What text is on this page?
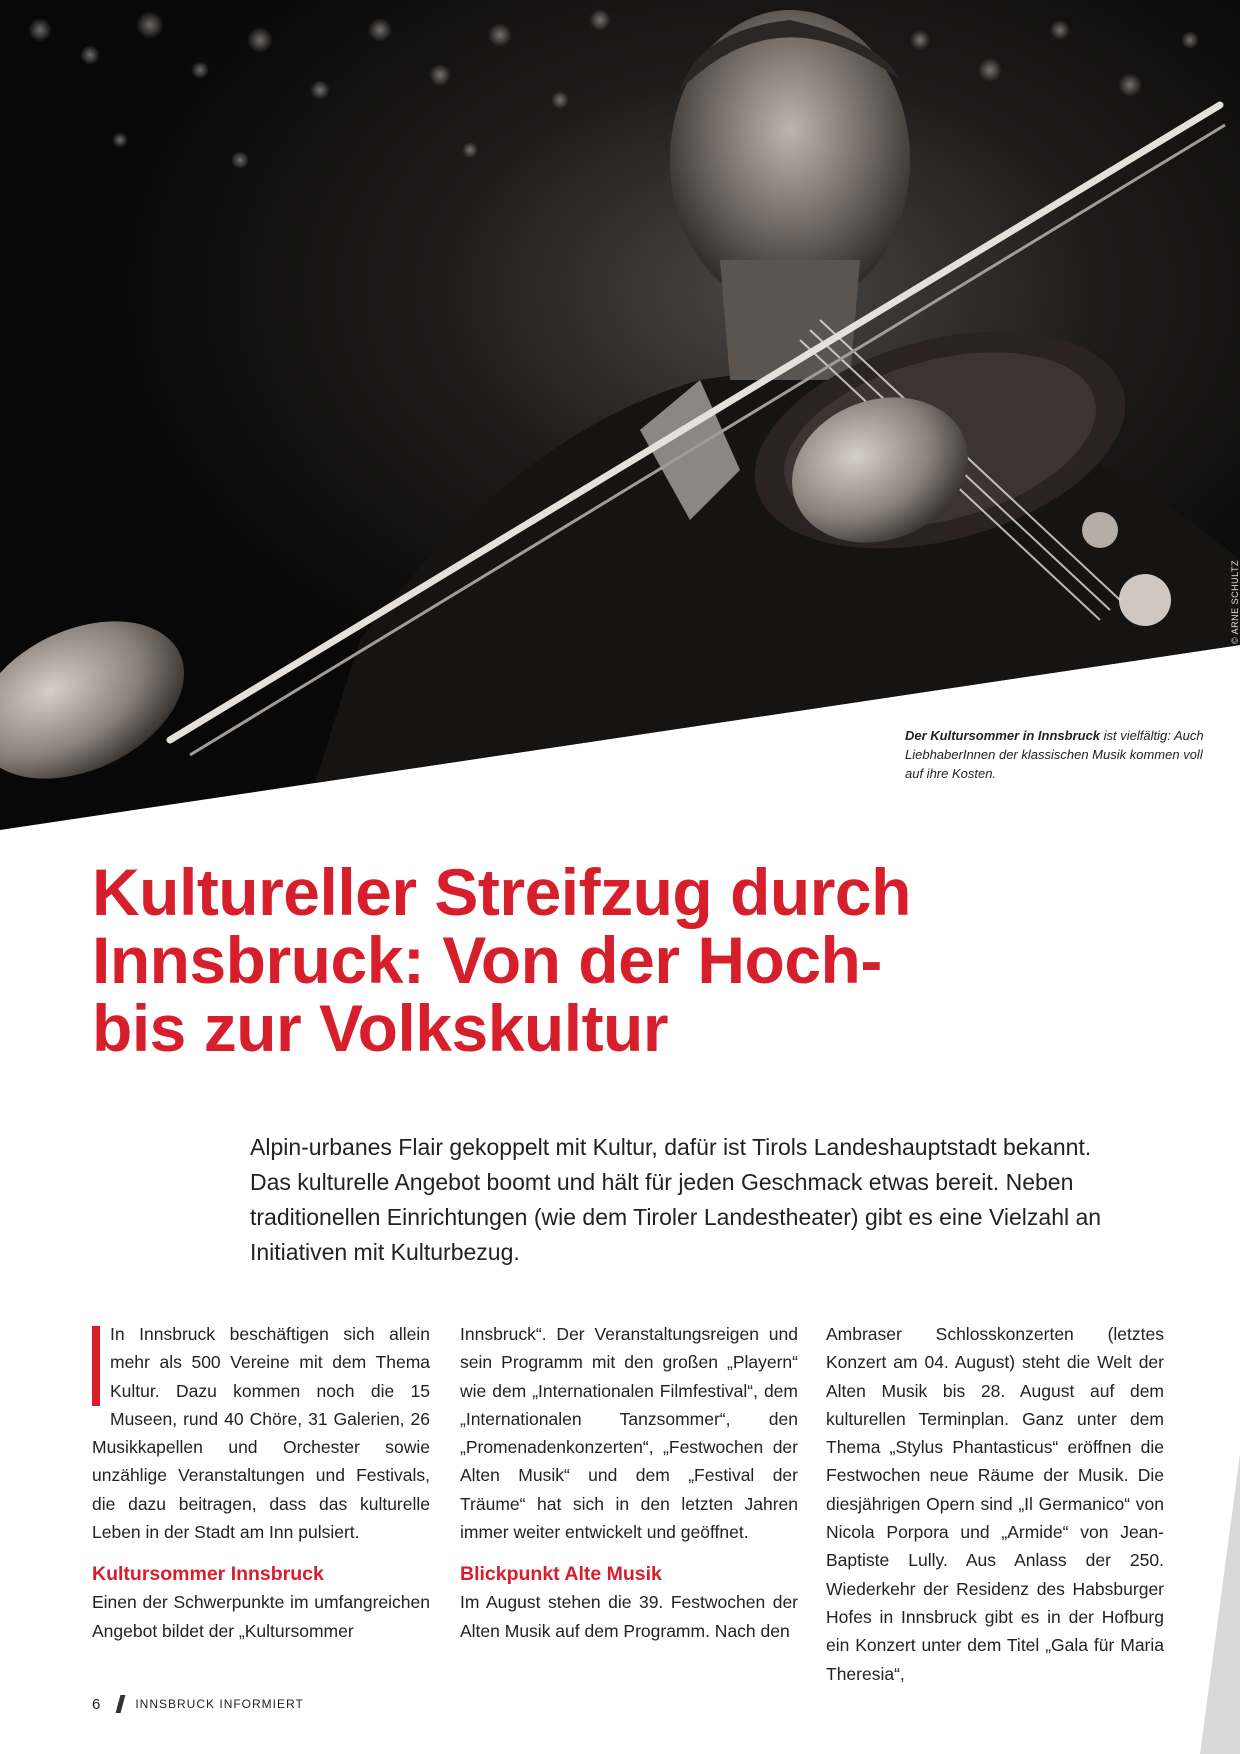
© ARNE SCHULTZ
Der Kultursommer in Innsbruck ist vielfältig: Auch LiebhaberInnen der klassischen Musik kommen voll auf ihre Kosten.
Kultureller Streifzug durch
Innsbruck: Von der Hoch-
bis zur Volkskultur

Alpin-urbanes Flair gekoppelt mit Kultur, dafür ist Tirols Landeshauptstadt bekannt. Das kulturelle Angebot boomt und hält für jeden Geschmack etwas bereit. Neben traditionellen Einrichtungen (wie dem Tiroler Landestheater) gibt es eine Vielzahl an Initiativen mit Kulturbezug.

In Innsbruck beschäftigen sich allein mehr als 500 Vereine mit dem Thema Kultur. Dazu kommen noch die 15 Museen, rund 40 Chöre, 31 Galerien, 26 Musikkapellen und Orchester sowie unzählige Veranstaltungen und Festivals, die dazu beitragen, dass das kulturelle Leben in der Stadt am Inn pulsiert.

Kultursommer Innsbruck

Einen der Schwerpunkte im umfangreichen Angebot bildet der „Kultursommer

Innsbruck“. Der Veranstaltungsreigen und sein Programm mit den großen „Playern“ wie dem „Internationalen Filmfestival“, dem „Internationalen Tanzsommer“, den „Promenadenkonzerten“, „Festwochen der Alten Musik“ und dem „Festival der Träume“ hat sich in den letzten Jahren immer weiter entwickelt und geöffnet.

Blickpunkt Alte Musik

Im August stehen die 39. Festwochen der Alten Musik auf dem Programm. Nach den

Ambraser Schlosskonzerten (letztes Konzert am 04. August) steht die Welt der Alten Musik bis 28. August auf dem kulturellen Terminplan. Ganz unter dem Thema „Stylus Phantasticus“ eröffnen die Festwochen neue Räume der Musik. Die diesjährigen Opern sind „Il Germanico“ von Nicola Porpora und „Armide“ von Jean-Baptiste Lully. Aus Anlass der 250. Wiederkehr der Residenz des Habsburger Hofes in Innsbruck gibt es in der Hofburg ein Konzert unter dem Titel „Gala für Maria Theresia“,

6	INNSBRUCK INFORMIERT
